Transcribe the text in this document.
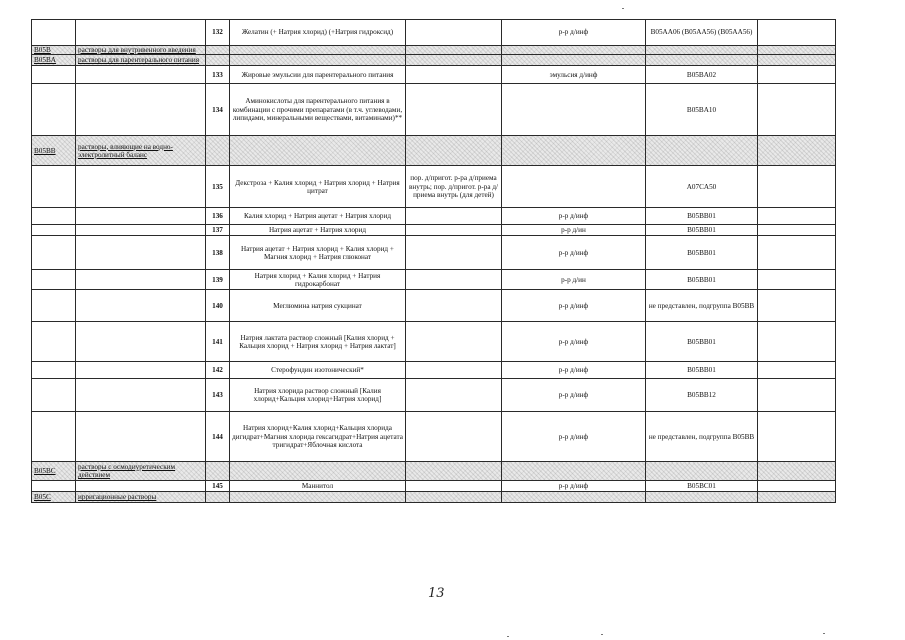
		132	Желатин (+ Натрия хлорид) (+Натрия гидроксид)		р-р д/инф	B05AA06 (B05AA56) (B05AA56)	
B05B	растворы для внутривенного введения						
B05BA	растворы для парентерального питания						
		133	Жировые эмульсии для парентерального питания		эмульсия д/инф	B05BA02	
		134	Аминокислоты для парентерального питания в комбинации с прочими препаратами (в т.ч. углеводами, липидами, минеральными веществами, витаминами)**			B05BA10	
B05BB	растворы, влияющие на водно-электролитный баланс						
		135	Декстроза + Калия хлорид + Натрия хлорид + Натрия цитрат	пор. д/пригот. р-ра д/приема внутрь; пор. д/пригот. р-ра д/приема внутрь (для детей)		A07CA50	
		136	Калия хлорид + Натрия ацетат + Натрия хлорид		р-р д/инф	B05BB01	
		137	Натрия ацетат + Натрия хлорид		р-р д/ин	B05BB01	
		138	Натрия ацетат + Натрия хлорид + Калия хлорид + Магния хлорид + Натрия глюконат		р-р д/инф	B05BB01	
		139	Натрия хлорид + Калия хлорид + Натрия гидрокарбонат		р-р д/ин	B05BB01	
		140	Меглюмина натрия сукцинат		р-р д/инф	не представлен, подгруппа B05BB	
		141	Натрия лактата раствор сложный [Калия хлорид + Кальция хлорид + Натрия хлорид + Натрия лактат]		р-р д/инф	B05BB01	
		142	Стерофундин изотонический*		р-р д/инф	B05BB01	
		143	Натрия хлорида раствор сложный [Калия хлорид+Кальция хлорид+Натрия хлорид]		р-р д/инф	B05BB12	
		144	Натрия хлорид+Калия хлорид+Кальция хлорида дигидрат+Магния хлорида гексагидрат+Натрия ацетата тригидрат+Яблочная кислота		р-р д/инф	не представлен, подгруппа B05BB	
B05BC	растворы с осмодиуретическим действием						
		145	Маннитол		р-р д/инф	B05BC01	
B05C	ирригационные растворы						
13
